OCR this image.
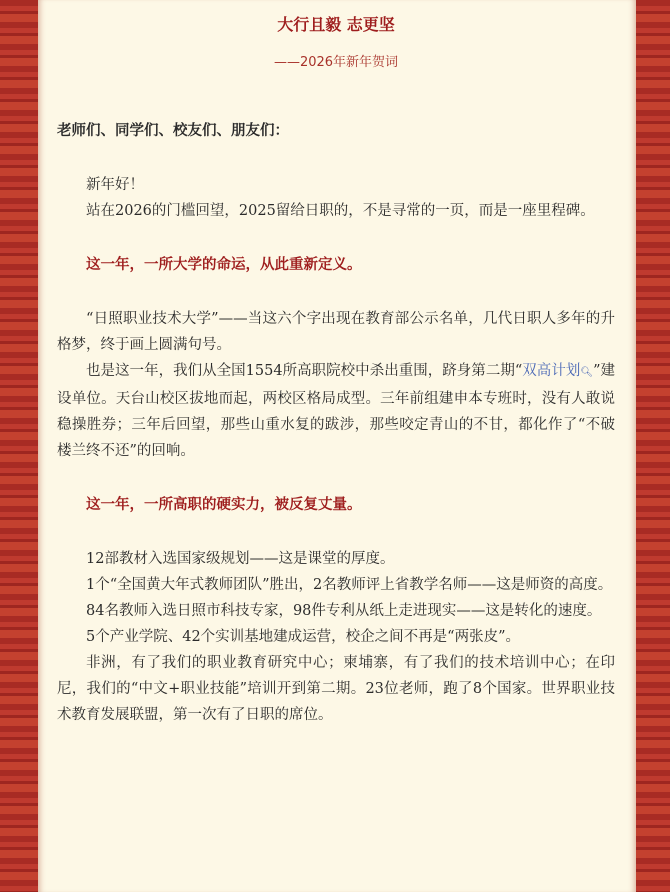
大行且毅 志更坚
——2026年新年贺词
老师们、同学们、校友们、朋友们：

新年好！

站在2026的门槛回望，2025留给日职的，不是寻常的一页，而是一座里程碑。

这一年，一所大学的命运，从此重新定义。

“日照职业技术大学”——当这六个字出现在教育部公示名单，几代日职人多年的升格梦，终于画上圆满句号。

也是这一年，我们从全国1554所高职院校中杀出重围，跻身第二期“双高计划🔍︎”建设单位。天台山校区拔地而起，两校区格局成型。三年前组建申本专班时，没有人敢说稳操胜券；三年后回望，那些山重水复的跋涉，那些咬定青山的不甘，都化作了“不破楼兰终不还”的回响。

这一年，一所高职的硬实力，被反复丈量。

12部教材入选国家级规划——这是课堂的厚度。

1个“全国黄大年式教师团队”胜出，2名教师评上省教学名师——这是师资的高度。

84名教师入选日照市科技专家，98件专利从纸上走进现实——这是转化的速度。

5个产业学院、42个实训基地建成运营，校企之间不再是“两张皮”。

非洲，有了我们的职业教育研究中心；柬埔寨，有了我们的技术培训中心；在印尼，我们的“中文+职业技能”培训开到第二期。23位老师，跑了8个国家。世界职业技术教育发展联盟，第一次有了日职的席位。
